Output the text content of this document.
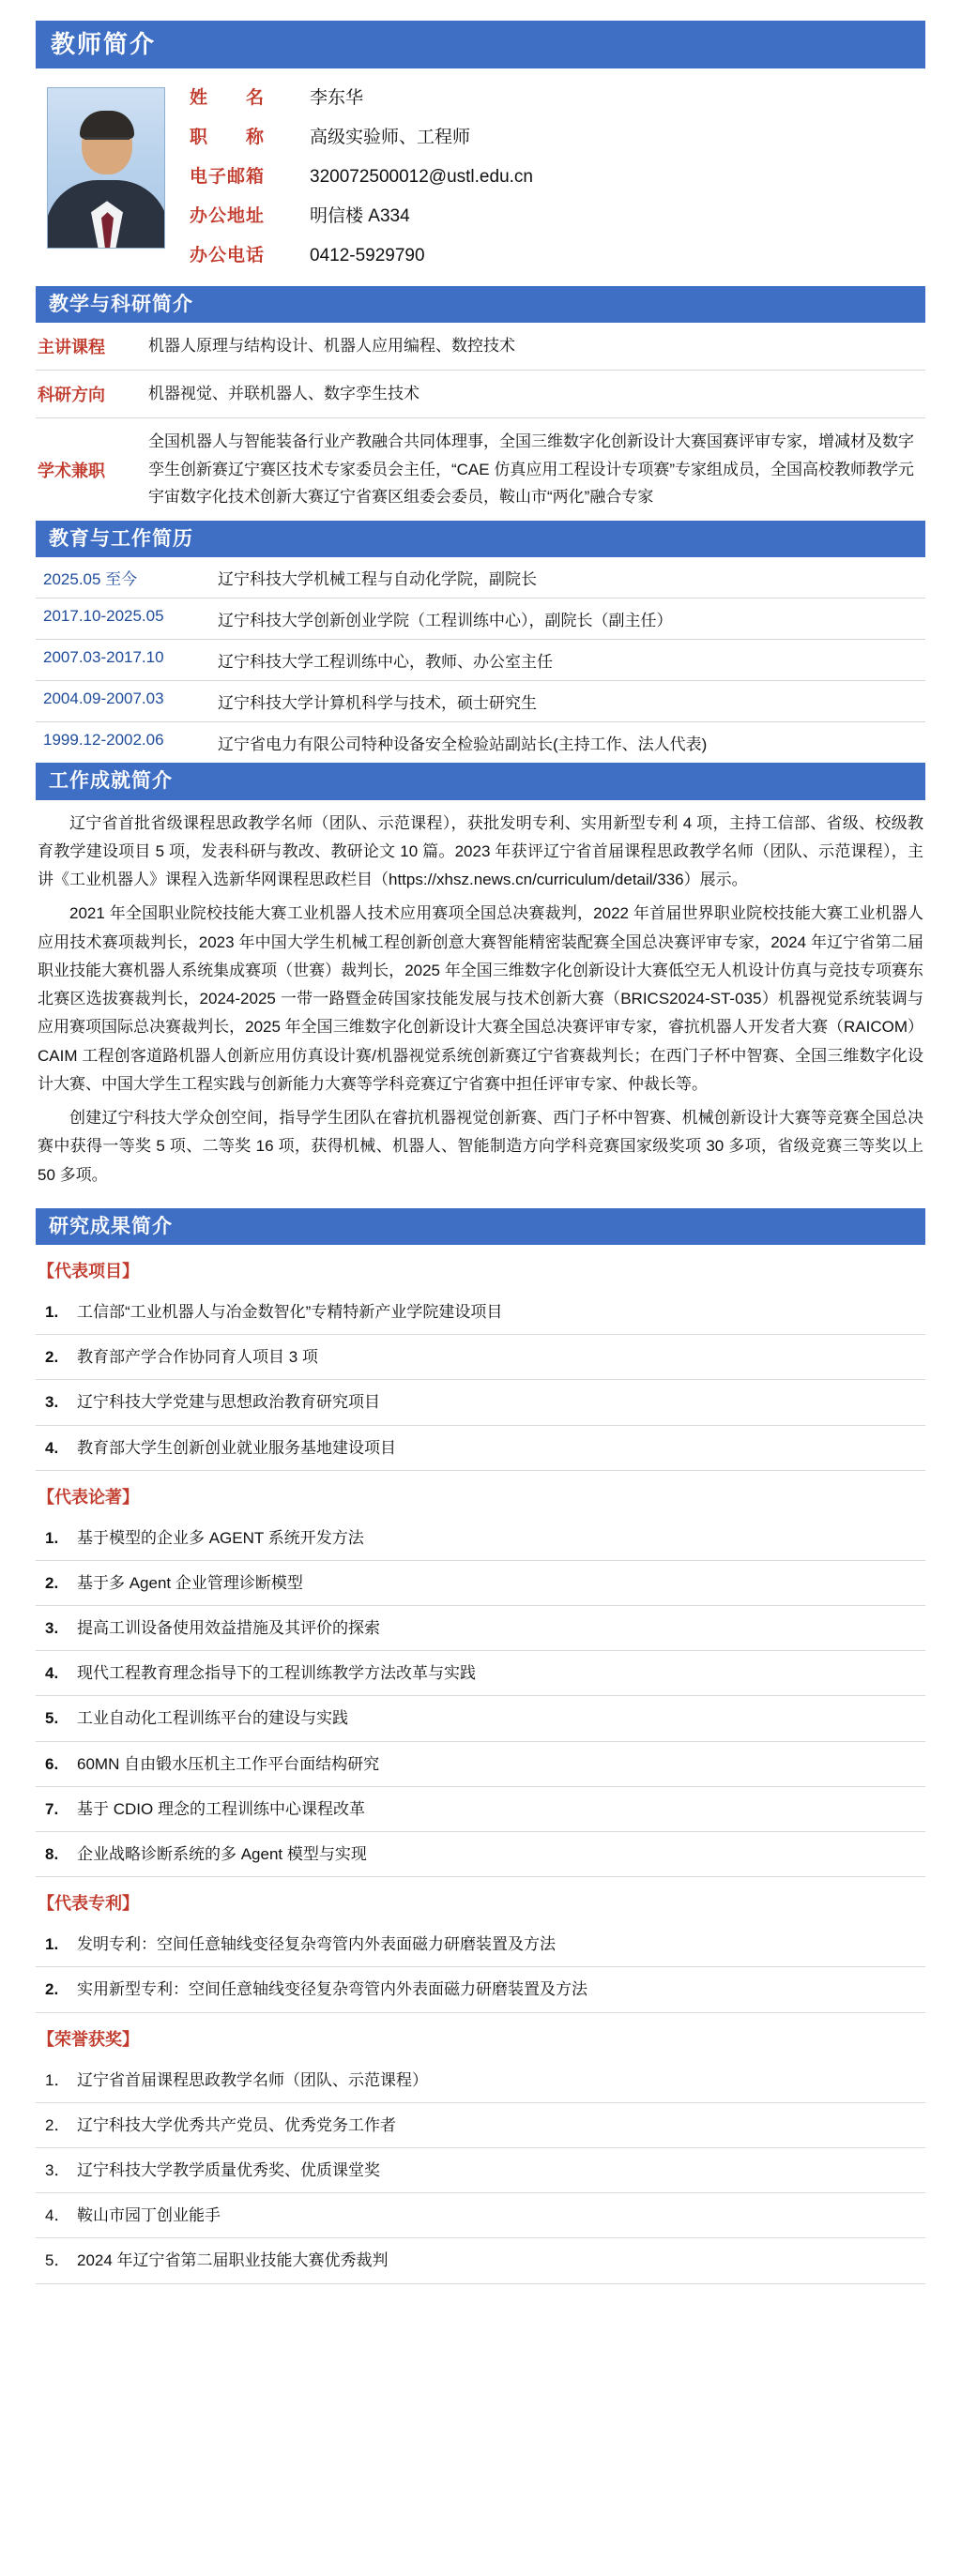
教师简介
姓　　名	李东华
职　　称	高级实验师、工程师
电子邮箱	320072500012@ustl.edu.cn
办公地址	明信楼 A334
办公电话	0412-5929790
教学与科研简介
主讲课程	机器人原理与结构设计、机器人应用编程、数控技术
科研方向	机器视觉、并联机器人、数字孪生技术
学术兼职
全国机器人与智能装备行业产教融合共同体理事，全国三维数字化创新设计大赛国赛评审专家，增减材及数字孪生创新赛辽宁赛区技术专家委员会主任，“CAE 仿真应用工程设计专项赛”专家组成员，全国高校教师教学元宇宙数字化技术创新大赛辽宁省赛区组委会委员，鞍山市“两化”融合专家
教育与工作简历
2025.05 至今	辽宁科技大学机械工程与自动化学院，副院长
2017.10-2025.05	辽宁科技大学创新创业学院（工程训练中心），副院长（副主任）
2007.03-2017.10	辽宁科技大学工程训练中心，教师、办公室主任
2004.09-2007.03	辽宁科技大学计算机科学与技术，硕士研究生
1999.12-2002.06	辽宁省电力有限公司特种设备安全检验站副站长(主持工作、法人代表)
工作成就简介

辽宁省首批省级课程思政教学名师（团队、示范课程），获批发明专利、实用新型专利 4 项，主持工信部、省级、校级教育教学建设项目 5 项，发表科研与教改、教研论文 10 篇。2023 年获评辽宁省首届课程思政教学名师（团队、示范课程），主讲《工业机器人》课程入选新华网课程思政栏目（https://xhsz.news.cn/curriculum/detail/336）展示。

2021 年全国职业院校技能大赛工业机器人技术应用赛项全国总决赛裁判，2022 年首届世界职业院校技能大赛工业机器人应用技术赛项裁判长，2023 年中国大学生机械工程创新创意大赛智能精密装配赛全国总决赛评审专家，2024 年辽宁省第二届职业技能大赛机器人系统集成赛项（世赛）裁判长，2025 年全国三维数字化创新设计大赛低空无人机设计仿真与竞技专项赛东北赛区选拔赛裁判长，2024-2025 一带一路暨金砖国家技能发展与技术创新大赛（BRICS2024-ST-035）机器视觉系统装调与应用赛项国际总决赛裁判长，2025 年全国三维数字化创新设计大赛全国总决赛评审专家，睿抗机器人开发者大赛（RAICOM）CAIM 工程创客道路机器人创新应用仿真设计赛/机器视觉系统创新赛辽宁省赛裁判长；在西门子杯中智赛、全国三维数字化设计大赛、中国大学生工程实践与创新能力大赛等学科竞赛辽宁省赛中担任评审专家、仲裁长等。

创建辽宁科技大学众创空间，指导学生团队在睿抗机器视觉创新赛、西门子杯中智赛、机械创新设计大赛等竞赛全国总决赛中获得一等奖 5 项、二等奖 16 项，获得机械、机器人、智能制造方向学科竞赛国家级奖项 30 多项，省级竞赛三等奖以上 50 多项。

研究成果简介
【代表项目】
1.	工信部“工业机器人与冶金数智化”专精特新产业学院建设项目
2.	教育部产学合作协同育人项目 3 项
3.	辽宁科技大学党建与思想政治教育研究项目
4.	教育部大学生创新创业就业服务基地建设项目
【代表论著】
1.	基于模型的企业多 AGENT 系统开发方法
2.	基于多 Agent 企业管理诊断模型
3.	提高工训设备使用效益措施及其评价的探索
4.	现代工程教育理念指导下的工程训练教学方法改革与实践
5.	工业自动化工程训练平台的建设与实践
6.	60MN 自由锻水压机主工作平台面结构研究
7.	基于 CDIO 理念的工程训练中心课程改革
8.	企业战略诊断系统的多 Agent 模型与实现
【代表专利】
1.	发明专利：空间任意轴线变径复杂弯管内外表面磁力研磨装置及方法
2.	实用新型专利：空间任意轴线变径复杂弯管内外表面磁力研磨装置及方法
【荣誉获奖】
1． 辽宁省首届课程思政教学名师（团队、示范课程）
2． 辽宁科技大学优秀共产党员、优秀党务工作者
3． 辽宁科技大学教学质量优秀奖、优质课堂奖
4． 鞍山市园丁创业能手
5． 2024 年辽宁省第二届职业技能大赛优秀裁判
